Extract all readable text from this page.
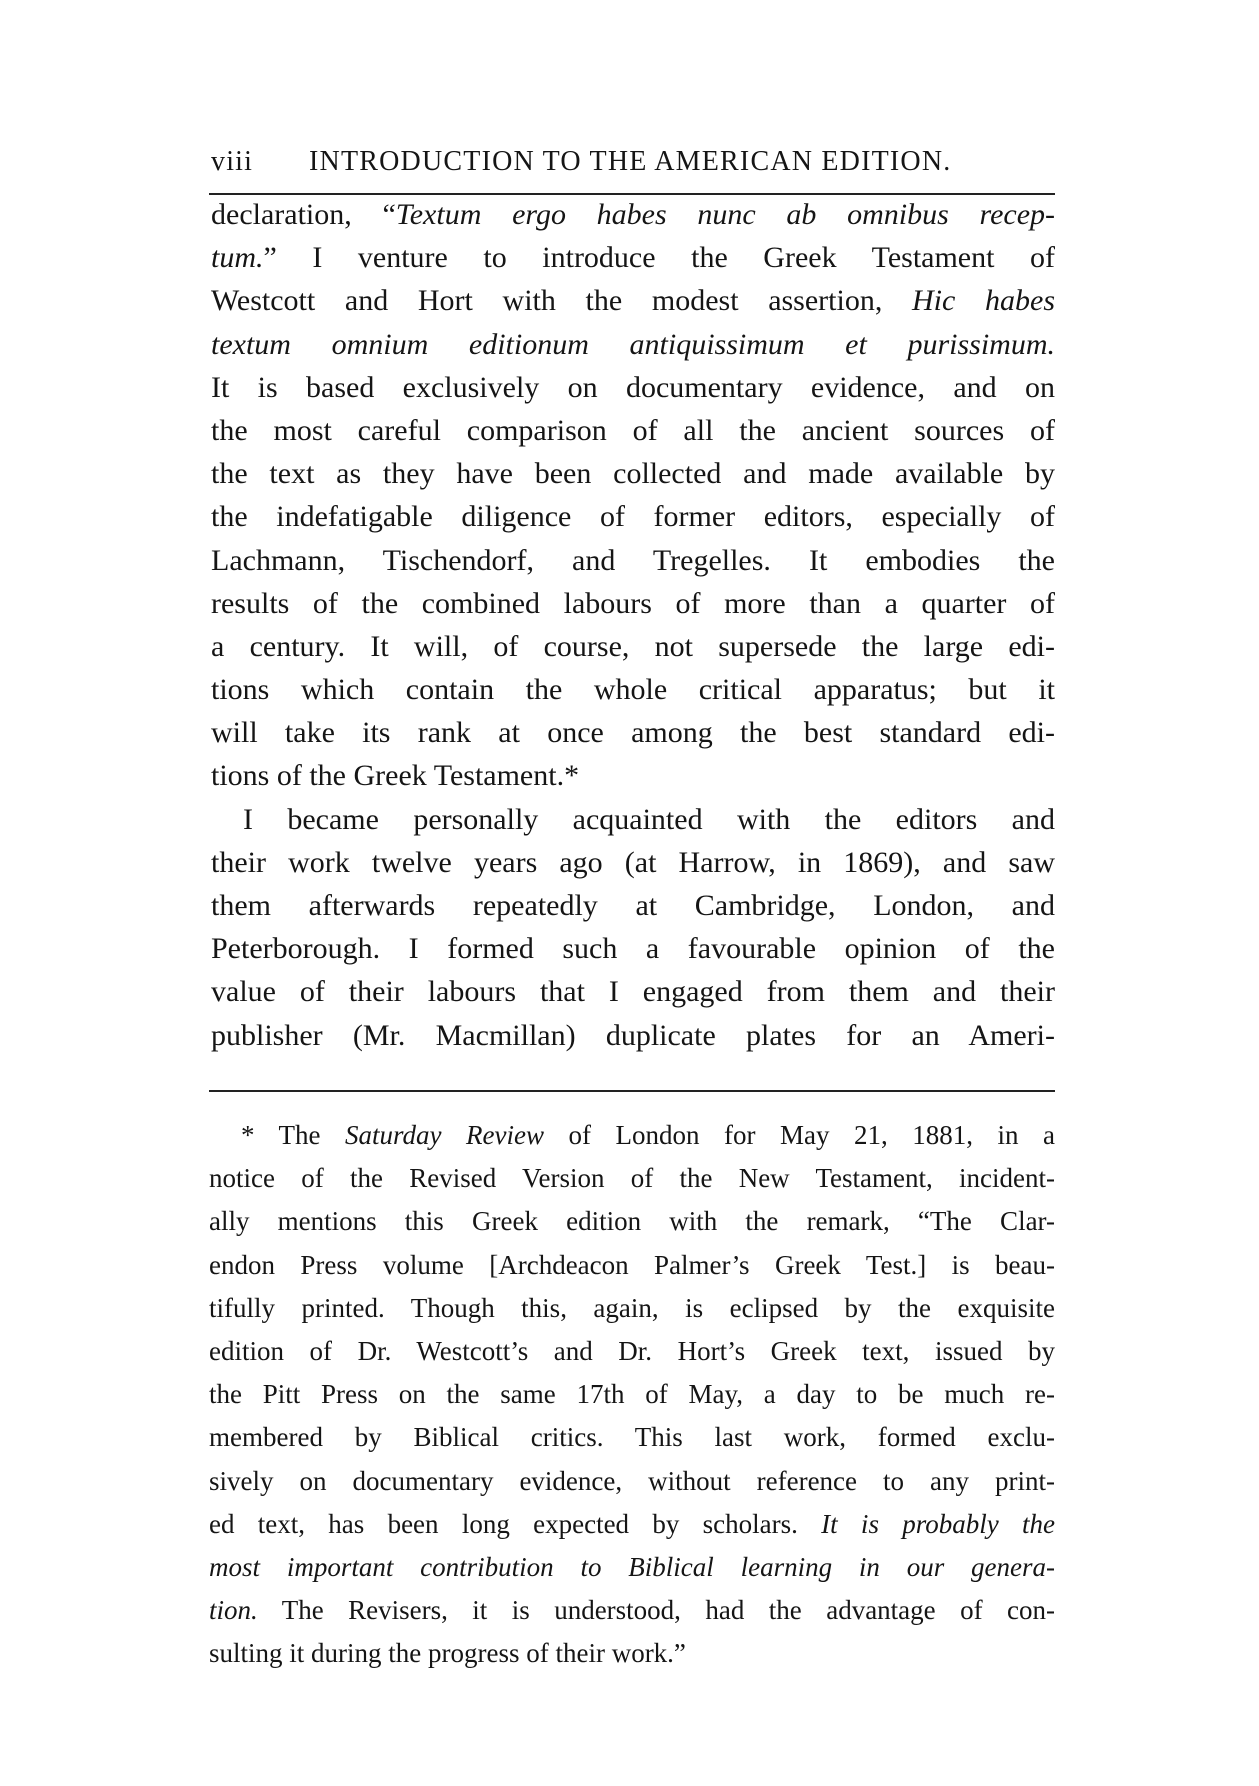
viii INTRODUCTION TO THE AMERICAN EDITION.
declaration, “Textum ergo habes nunc ab omnibus recep-
tum.” I venture to introduce the Greek Testament of
Westcott and Hort with the modest assertion, Hic habes
textum omnium editionum antiquissimum et purissimum.
It is based exclusively on documentary evidence, and on
the most careful comparison of all the ancient sources of
the text as they have been collected and made available by
the indefatigable diligence of former editors, especially of
Lachmann, Tischendorf, and Tregelles. It embodies the
results of the combined labours of more than a quarter of
a century. It will, of course, not supersede the large edi-
tions which contain the whole critical apparatus; but it
will take its rank at once among the best standard edi-
tions of the Greek Testament.*
I became personally acquainted with the editors and
their work twelve years ago (at Harrow, in 1869), and saw
them afterwards repeatedly at Cambridge, London, and
Peterborough. I formed such a favourable opinion of the
value of their labours that I engaged from them and their
publisher (Mr. Macmillan) duplicate plates for an Ameri-
* The Saturday Review of London for May 21, 1881, in a
notice of the Revised Version of the New Testament, incident-
ally mentions this Greek edition with the remark, “The Clar-
endon Press volume [Archdeacon Palmer’s Greek Test.] is beau-
tifully printed. Though this, again, is eclipsed by the exquisite
edition of Dr. Westcott’s and Dr. Hort’s Greek text, issued by
the Pitt Press on the same 17th of May, a day to be much re-
membered by Biblical critics. This last work, formed exclu-
sively on documentary evidence, without reference to any print-
ed text, has been long expected by scholars. It is probably the
most important contribution to Biblical learning in our genera-
tion. The Revisers, it is understood, had the advantage of con-
sulting it during the progress of their work.”
